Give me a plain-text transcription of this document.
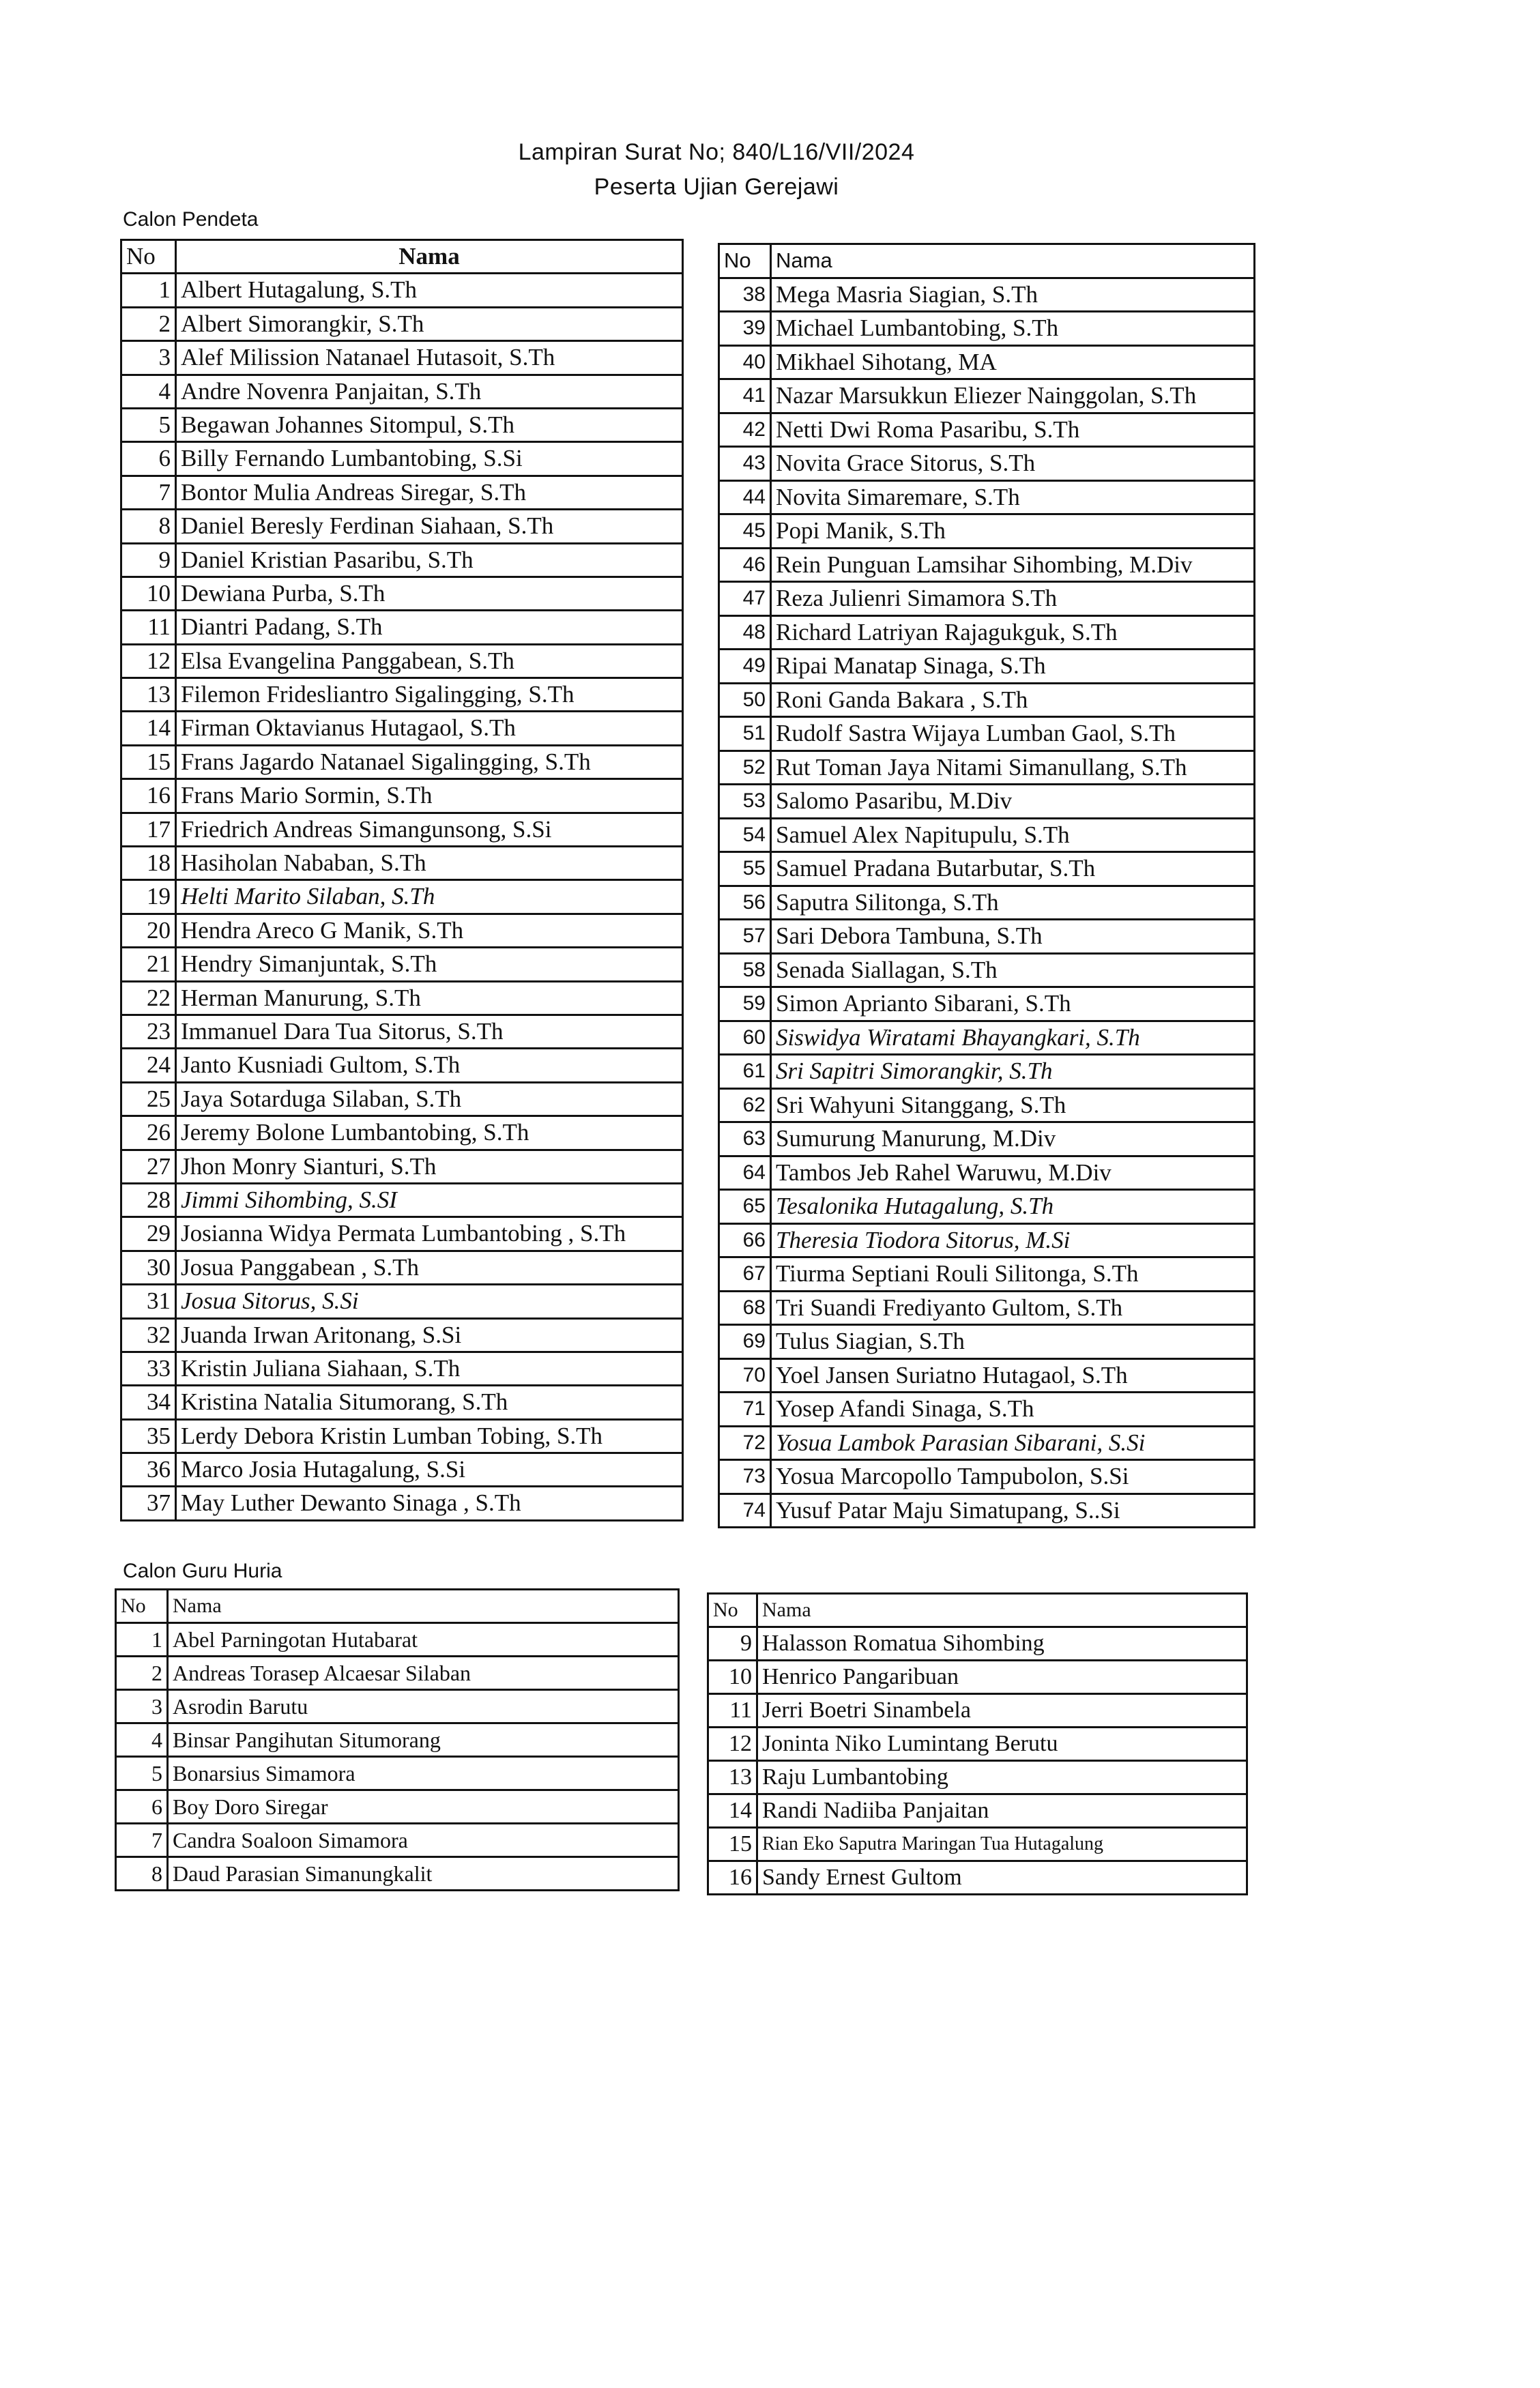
Lampiran Surat No; 840/L16/VII/2024
Peserta Ujian Gerejawi
Calon Pendeta
No	Nama
1 Albert Hutagalung, S.Th
2 Albert Simorangkir, S.Th
3 Alef Milission Natanael Hutasoit, S.Th
4 Andre Novenra Panjaitan, S.Th
5 Begawan Johannes Sitompul, S.Th
6 Billy Fernando Lumbantobing, S.Si
7 Bontor Mulia Andreas Siregar, S.Th
8 Daniel Beresly Ferdinan Siahaan, S.Th
9 Daniel Kristian Pasaribu, S.Th
10 Dewiana Purba, S.Th
11 Diantri Padang, S.Th
12 Elsa Evangelina Panggabean, S.Th
13 Filemon Fridesliantro Sigalingging, S.Th
14 Firman Oktavianus Hutagaol, S.Th
15 Frans Jagardo Natanael Sigalingging, S.Th
16 Frans Mario Sormin, S.Th
17 Friedrich Andreas Simangunsong, S.Si
18 Hasiholan Nababan, S.Th
19 Helti Marito Silaban, S.Th
20 Hendra Areco G Manik, S.Th
21 Hendry Simanjuntak, S.Th
22 Herman Manurung, S.Th
23 Immanuel Dara Tua Sitorus, S.Th
24 Janto Kusniadi Gultom, S.Th
25 Jaya Sotarduga Silaban, S.Th
26 Jeremy Bolone Lumbantobing, S.Th
27 Jhon Monry Sianturi, S.Th
28 Jimmi Sihombing, S.SI
29 Josianna Widya Permata Lumbantobing , S.Th
30 Josua Panggabean , S.Th
31 Josua Sitorus, S.Si
32 Juanda Irwan Aritonang, S.Si
33 Kristin Juliana Siahaan, S.Th
34 Kristina Natalia Situmorang, S.Th
35 Lerdy Debora Kristin Lumban Tobing, S.Th
36 Marco Josia Hutagalung, S.Si
37 May Luther Dewanto Sinaga , S.Th
No	Nama
38 Mega Masria Siagian, S.Th
39 Michael Lumbantobing, S.Th
40 Mikhael Sihotang, MA
41 Nazar Marsukkun Eliezer Nainggolan, S.Th
42 Netti Dwi Roma Pasaribu, S.Th
43 Novita Grace Sitorus, S.Th
44 Novita Simaremare, S.Th
45 Popi Manik, S.Th
46 Rein Punguan Lamsihar Sihombing, M.Div
47 Reza Julienri Simamora S.Th
48 Richard Latriyan Rajagukguk, S.Th
49 Ripai Manatap Sinaga, S.Th
50 Roni Ganda Bakara , S.Th
51 Rudolf Sastra Wijaya Lumban Gaol, S.Th
52 Rut Toman Jaya Nitami Simanullang, S.Th
53 Salomo Pasaribu, M.Div
54 Samuel Alex Napitupulu, S.Th
55 Samuel Pradana Butarbutar, S.Th
56 Saputra Silitonga, S.Th
57 Sari Debora Tambuna, S.Th
58 Senada Siallagan, S.Th
59 Simon Aprianto Sibarani, S.Th
60 Siswidya Wiratami Bhayangkari, S.Th
61 Sri Sapitri Simorangkir, S.Th
62 Sri Wahyuni Sitanggang, S.Th
63 Sumurung Manurung, M.Div
64 Tambos Jeb Rahel Waruwu, M.Div
65 Tesalonika Hutagalung, S.Th
66 Theresia Tiodora Sitorus, M.Si
67 Tiurma Septiani Rouli Silitonga, S.Th
68 Tri Suandi Frediyanto Gultom, S.Th
69 Tulus Siagian, S.Th
70 Yoel Jansen Suriatno Hutagaol, S.Th
71 Yosep Afandi Sinaga, S.Th
72 Yosua Lambok Parasian Sibarani, S.Si
73 Yosua Marcopollo Tampubolon, S.Si
74 Yusuf Patar Maju Simatupang, S..Si
Calon Guru Huria
No	Nama
1 Abel Parningotan Hutabarat
2 Andreas Torasep Alcaesar Silaban
3 Asrodin Barutu
4 Binsar Pangihutan Situmorang
5 Bonarsius Simamora
6 Boy Doro Siregar
7 Candra Soaloon Simamora
8 Daud Parasian Simanungkalit
No	Nama
9 Halasson Romatua Sihombing
10 Henrico Pangaribuan
11 Jerri Boetri Sinambela
12 Joninta Niko Lumintang Berutu
13 Raju Lumbantobing
14 Randi Nadiiba Panjaitan
15 Rian Eko Saputra Maringan Tua Hutagalung
16 Sandy Ernest Gultom
